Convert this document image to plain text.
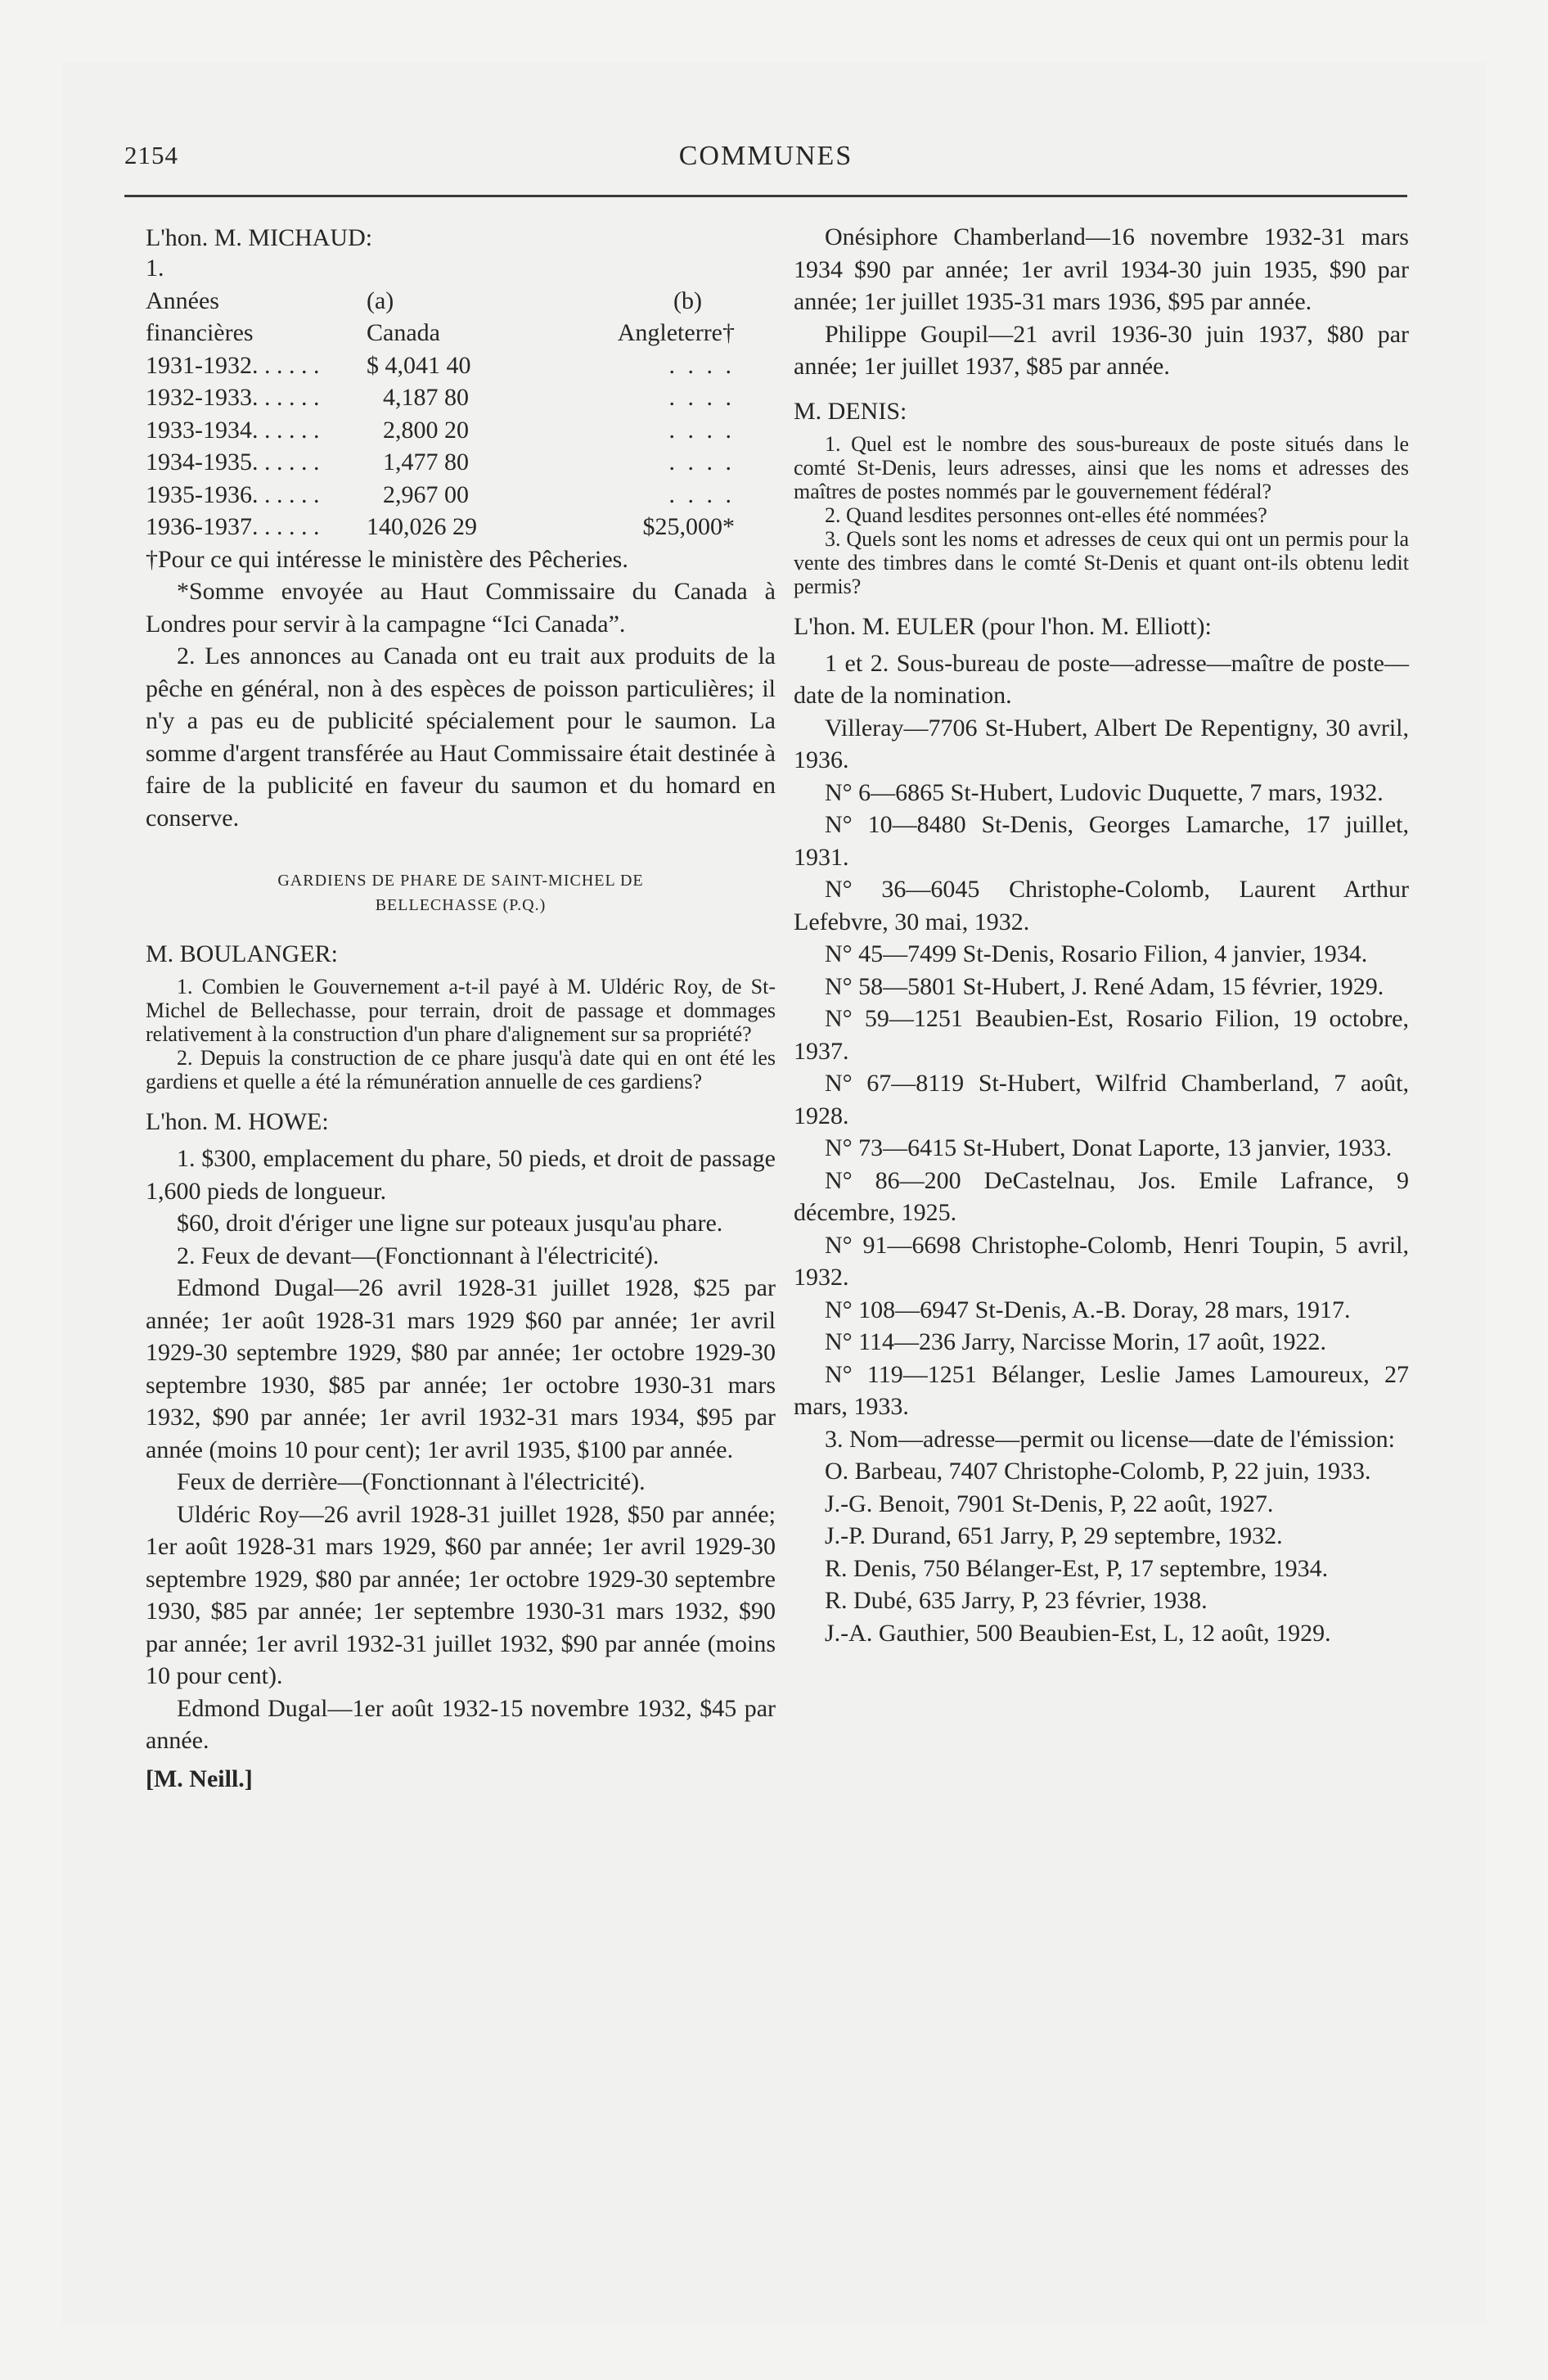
2154	COMMUNES
L'hon. M. MICHAUD:
1.
Années	(a)	(b)
financières	Canada	Angleterre†
1931-1932. . . . . .	$ 4,041 40	. . . .
1932-1933. . . . . .	4,187 80	. . . .
1933-1934. . . . . .	2,800 20	. . . .
1934-1935. . . . . .	1,477 80	. . . .
1935-1936. . . . . .	2,967 00	. . . .
1936-1937. . . . . .	140,026 29	$25,000*
†Pour ce qui intéresse le ministère des Pêcheries.
*Somme envoyée au Haut Commissaire du Canada à Londres pour servir à la campagne “Ici Canada”.
2. Les annonces au Canada ont eu trait aux produits de la pêche en général, non à des espèces de poisson particulières; il n'y a pas eu de publicité spécialement pour le saumon. La somme d'argent transférée au Haut Commissaire était destinée à faire de la publicité en faveur du saumon et du homard en conserve.
GARDIENS DE PHARE DE SAINT-MICHEL DE
BELLECHASSE (P.Q.)
M. BOULANGER:
1. Combien le Gouvernement a-t-il payé à M. Uldéric Roy, de St-Michel de Bellechasse, pour terrain, droit de passage et dommages relativement à la construction d'un phare d'alignement sur sa propriété?
2. Depuis la construction de ce phare jusqu'à date qui en ont été les gardiens et quelle a été la rémunération annuelle de ces gardiens?
L'hon. M. HOWE:
1. $300, emplacement du phare, 50 pieds, et droit de passage 1,600 pieds de longueur.
$60, droit d'ériger une ligne sur poteaux jusqu'au phare.
2. Feux de devant—(Fonctionnant à l'électricité).
Edmond Dugal—26 avril 1928-31 juillet 1928, $25 par année; 1er août 1928-31 mars 1929 $60 par année; 1er avril 1929-30 septembre 1929, $80 par année; 1er octobre 1929-30 septembre 1930, $85 par année; 1er octobre 1930-31 mars 1932, $90 par année; 1er avril 1932-31 mars 1934, $95 par année (moins 10 pour cent); 1er avril 1935, $100 par année.
Feux de derrière—(Fonctionnant à l'électricité).
Uldéric Roy—26 avril 1928-31 juillet 1928, $50 par année; 1er août 1928-31 mars 1929, $60 par année; 1er avril 1929-30 septembre 1929, $80 par année; 1er octobre 1929-30 septembre 1930, $85 par année; 1er septembre 1930-31 mars 1932, $90 par année; 1er avril 1932-31 juillet 1932, $90 par année (moins 10 pour cent).
Edmond Dugal—1er août 1932-15 novembre 1932, $45 par année.
[M. Neill.]
Onésiphore Chamberland—16 novembre 1932-31 mars 1934 $90 par année; 1er avril 1934-30 juin 1935, $90 par année; 1er juillet 1935-31 mars 1936, $95 par année.
Philippe Goupil—21 avril 1936-30 juin 1937, $80 par année; 1er juillet 1937, $85 par année.
M. DENIS:
1. Quel est le nombre des sous-bureaux de poste situés dans le comté St-Denis, leurs adresses, ainsi que les noms et adresses des maîtres de postes nommés par le gouvernement fédéral?
2. Quand lesdites personnes ont-elles été nommées?
3. Quels sont les noms et adresses de ceux qui ont un permis pour la vente des timbres dans le comté St-Denis et quant ont-ils obtenu ledit permis?
L'hon. M. EULER (pour l'hon. M. Elliott):
1 et 2. Sous-bureau de poste—adresse—maître de poste—date de la nomination.
Villeray—7706 St-Hubert, Albert De Repentigny, 30 avril, 1936.
N° 6—6865 St-Hubert, Ludovic Duquette, 7 mars, 1932.
N° 10—8480 St-Denis, Georges Lamarche, 17 juillet, 1931.
N° 36—6045 Christophe-Colomb, Laurent Arthur Lefebvre, 30 mai, 1932.
N° 45—7499 St-Denis, Rosario Filion, 4 janvier, 1934.
N° 58—5801 St-Hubert, J. René Adam, 15 février, 1929.
N° 59—1251 Beaubien-Est, Rosario Filion, 19 octobre, 1937.
N° 67—8119 St-Hubert, Wilfrid Chamberland, 7 août, 1928.
N° 73—6415 St-Hubert, Donat Laporte, 13 janvier, 1933.
N° 86—200 DeCastelnau, Jos. Emile Lafrance, 9 décembre, 1925.
N° 91—6698 Christophe-Colomb, Henri Toupin, 5 avril, 1932.
N° 108—6947 St-Denis, A.-B. Doray, 28 mars, 1917.
N° 114—236 Jarry, Narcisse Morin, 17 août, 1922.
N° 119—1251 Bélanger, Leslie James Lamoureux, 27 mars, 1933.
3. Nom—adresse—permit ou license—date de l'émission:
O. Barbeau, 7407 Christophe-Colomb, P, 22 juin, 1933.
J.-G. Benoit, 7901 St-Denis, P, 22 août, 1927.
J.-P. Durand, 651 Jarry, P, 29 septembre, 1932.
R. Denis, 750 Bélanger-Est, P, 17 septembre, 1934.
R. Dubé, 635 Jarry, P, 23 février, 1938.
J.-A. Gauthier, 500 Beaubien-Est, L, 12 août, 1929.
